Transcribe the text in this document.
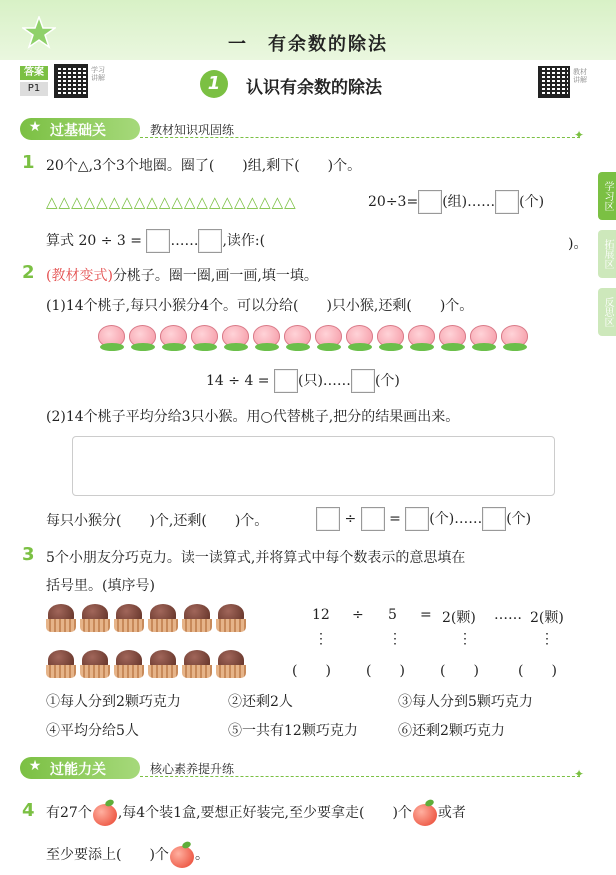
一　有余数的除法
答案
P1
学习讲解	1	认识有余数的除法
教材讲解
学习区
拓展区
反思区
★ 过基础关	教材知识巩固练	✦
1 20个△,3个3个地圈。圈了(　　)组,剩下(　　)个。
△△△△△△△△△△△△△△△△△△△△	20÷3= (组)…… (个)
算式 20 ÷ 3 = …… ,读作:(	)。
2 (教材变式)分桃子。圈一圈,画一画,填一填。
(1)14个桃子,每只小猴分4个。可以分给(　　)只小猴,还剩(　　)个。
14 ÷ 4 = (只)…… (个)
(2)14个桃子平均分给3只小猴。用○代替桃子,把分的结果画出来。
每只小猴分(　　)个,还剩(　　)个。	÷ = (个)…… (个)
3 5个小朋友分巧克力。读一读算式,并将算式中每个数表示的意思填在
括号里。(填序号)
12 ÷ 5 = 2(颗) …… 2(颗)
⋮	⋮	⋮	⋮
(　　)	(　　)	(　　)	(　　)
①每人分到2颗巧克力	②还剩2人	③每人分到5颗巧克力
④平均分给5人	⑤一共有12颗巧克力	⑥还剩2颗巧克力
★ 过能力关	核心素养提升练	✦
4 有27个 ,每4个装1盒,要想正好装完,至少要拿走(　　)个 或者
至少要添上(　　)个 。
